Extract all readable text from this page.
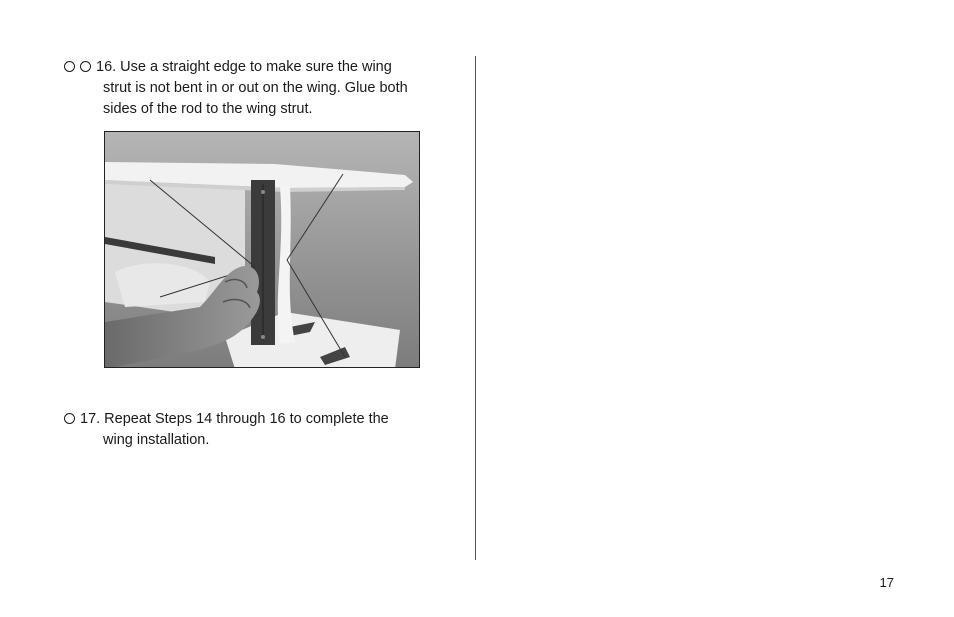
16. Use a straight edge to make sure the wing
strut is not bent in or out on the wing. Glue both
sides of the rod to the wing strut.
17. Repeat Steps 14 through 16 to complete the
wing installation.
17
